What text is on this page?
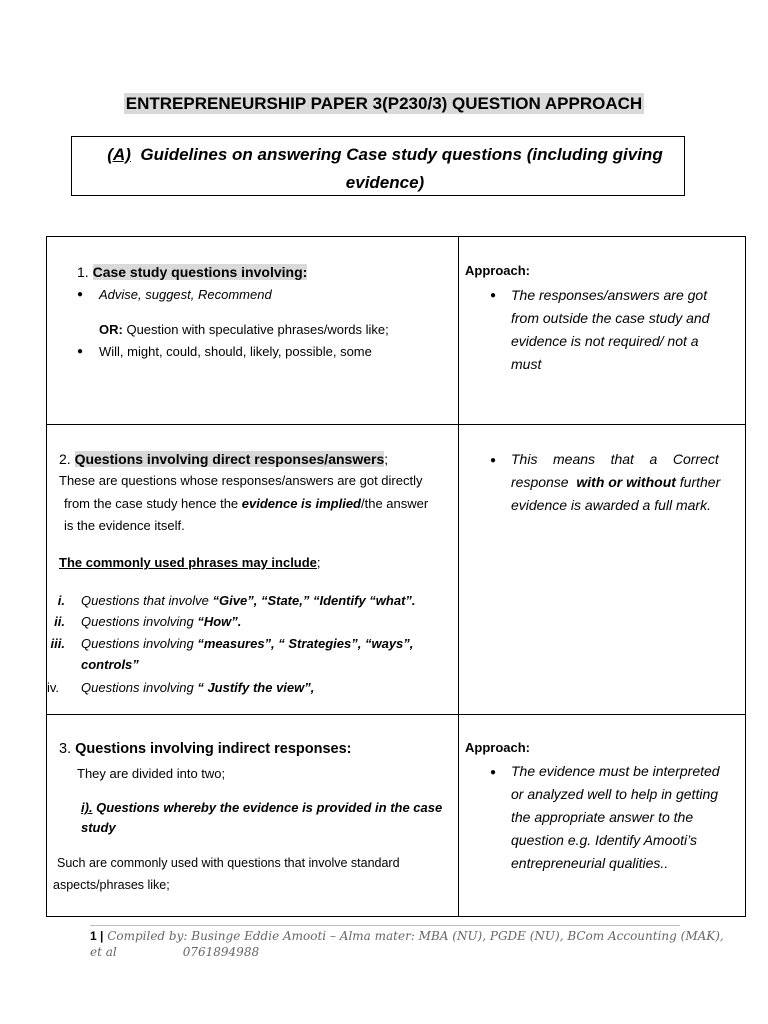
ENTREPRENEURSHIP PAPER 3(P230/3) QUESTION APPROACH
(A) Guidelines on answering Case study questions (including giving evidence)
1. Case study questions involving:
● Advise, suggest, Recommend
OR: Question with speculative phrases/words like;
● Will, might, could, should, likely, possible, some
Approach:
● The responses/answers are got
from outside the case study and
evidence is not required/ not a
must
2. Questions involving direct responses/answers;
These are questions whose responses/answers are got directly
from the case study hence the evidence is implied/the answer
is the evidence itself.
The commonly used phrases may include;
i. Questions that involve “Give”, “State,” “Identify “what”.
ii. Questions involving “How”.
iii. Questions involving “measures”, “ Strategies”, “ways”,
controls”
iv. Questions involving “ Justify the view”,
● This    means    that    a    Correct
response  with or without further
evidence is awarded a full mark.
3. Questions involving indirect responses:
They are divided into two;
i). Questions whereby the evidence is provided in the case
study
Such are commonly used with questions that involve standard
aspects/phrases like;
Approach:
● The evidence must be interpreted
or analyzed well to help in getting
the appropriate answer to the
question e.g. Identify Amooti’s
entrepreneurial qualities..
1 | Compiled by: Businge Eddie Amooti – Alma mater: MBA (NU), PGDE (NU), BCom Accounting (MAK),
et al	0761894988
